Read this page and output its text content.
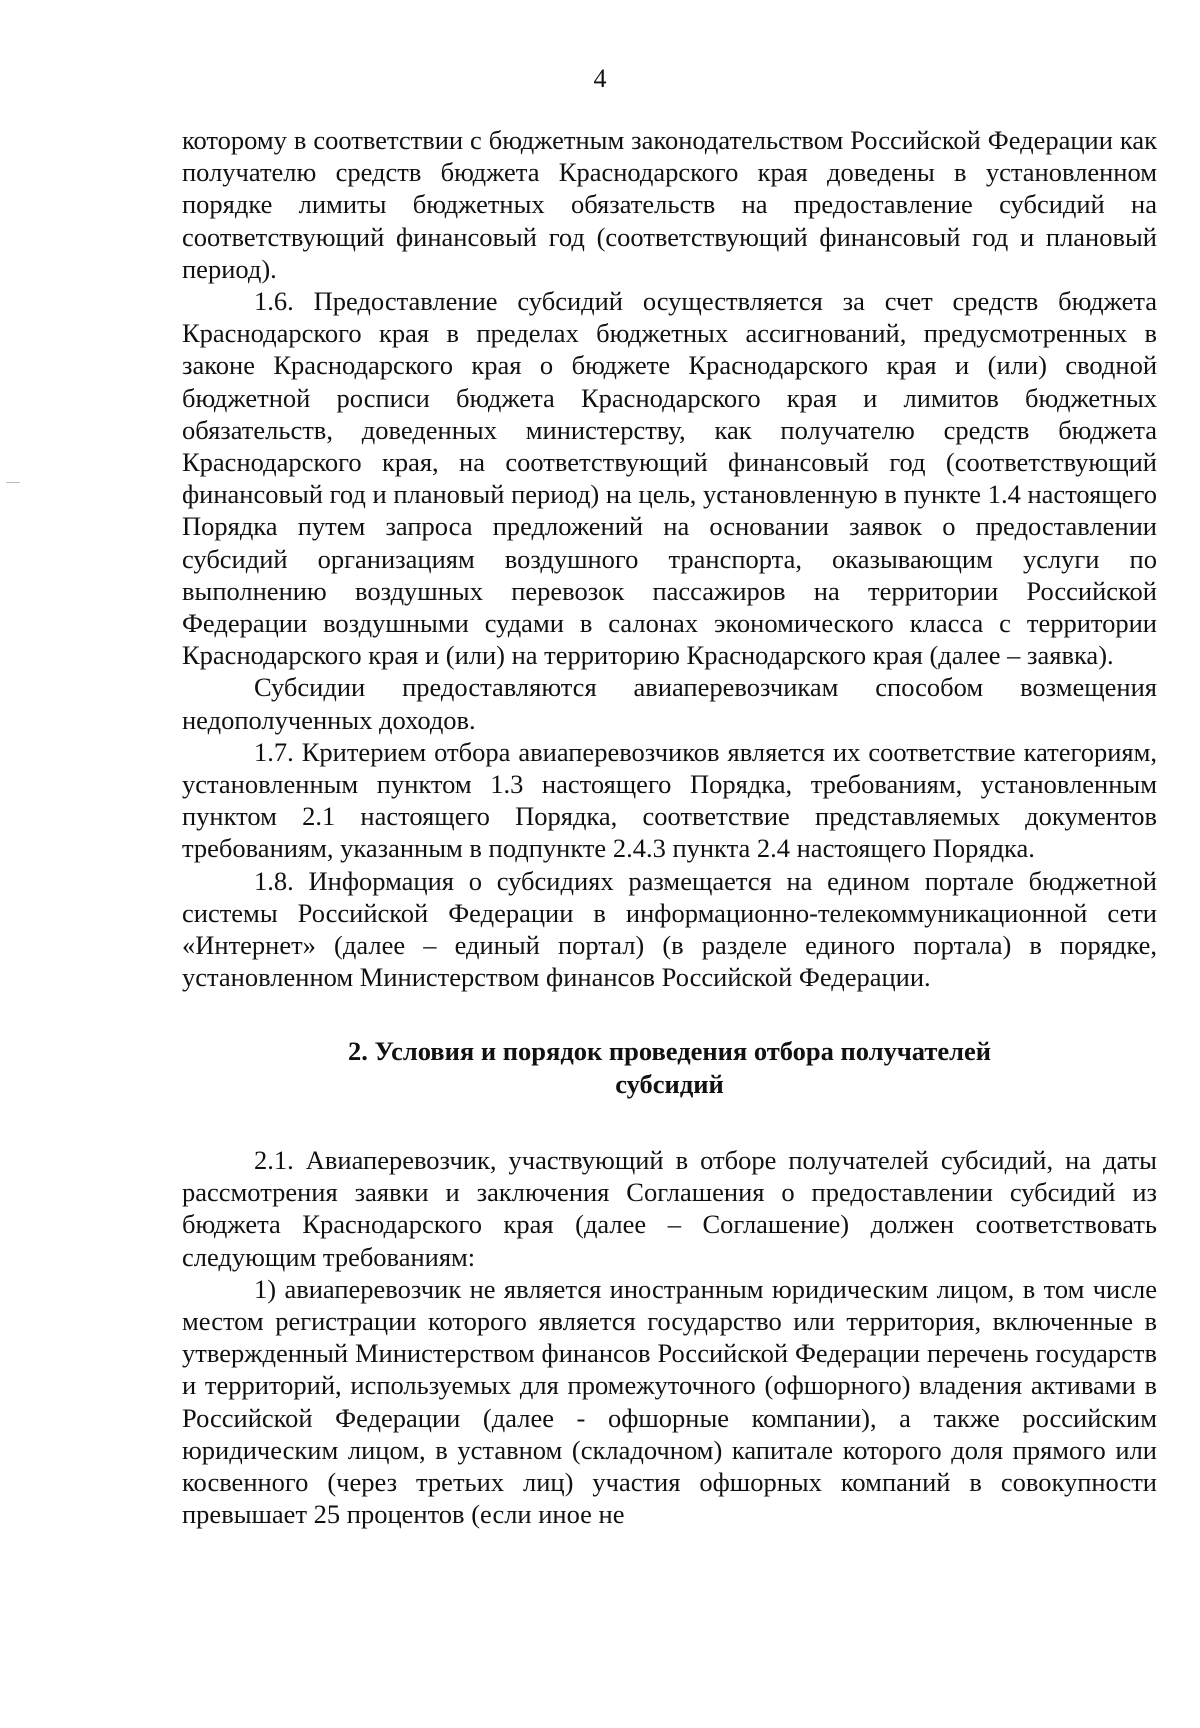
4

которому в соответствии с бюджетным законодательством Российской Федерации как получателю средств бюджета Краснодарского края доведены в установленном порядке лимиты бюджетных обязательств на предоставление субсидий на соответствующий финансовый год (соответствующий финансовый год и плановый период).

1.6. Предоставление субсидий осуществляется за счет средств бюджета Краснодарского края в пределах бюджетных ассигнований, предусмотренных в законе Краснодарского края о бюджете Краснодарского края и (или) сводной бюджетной росписи бюджета Краснодарского края и лимитов бюджетных обязательств, доведенных министерству, как получателю средств бюджета Краснодарского края, на соответствующий финансовый год (соответствующий финансовый год и плановый период) на цель, установленную в пункте 1.4 настоящего Порядка путем запроса предложений на основании заявок о предоставлении субсидий организациям воздушного транспорта, оказывающим услуги по выполнению воздушных перевозок пассажиров на территории Российской Федерации воздушными судами в салонах экономического класса с территории Краснодарского края и (или) на территорию Краснодарского края (далее – заявка).

Субсидии предоставляются авиаперевозчикам способом возмещения недополученных доходов.

1.7. Критерием отбора авиаперевозчиков является их соответствие категориям, установленным пунктом 1.3 настоящего Порядка, требованиям, установленным пунктом 2.1 настоящего Порядка, соответствие представляемых документов требованиям, указанным в подпункте 2.4.3 пункта 2.4 настоящего Порядка.

1.8. Информация о субсидиях размещается на едином портале бюджетной системы Российской Федерации в информационно-телекоммуникационной сети «Интернет» (далее – единый портал) (в разделе единого портала) в порядке, установленном Министерством финансов Российской Федерации.

2. Условия и порядок проведения отбора получателей
субсидий

2.1. Авиаперевозчик, участвующий в отборе получателей субсидий, на даты рассмотрения заявки и заключения Соглашения о предоставлении субсидий из бюджета Краснодарского края (далее – Соглашение) должен соответствовать следующим требованиям:

1) авиаперевозчик не является иностранным юридическим лицом, в том числе местом регистрации которого является государство или территория, включенные в утвержденный Министерством финансов Российской Федерации перечень государств и территорий, используемых для промежуточного (офшорного) владения активами в Российской Федерации (далее - офшорные компании), а также российским юридическим лицом, в уставном (складочном) капитале которого доля прямого или косвенного (через третьих лиц) участия офшорных компаний в совокупности превышает 25 процентов (если иное не
